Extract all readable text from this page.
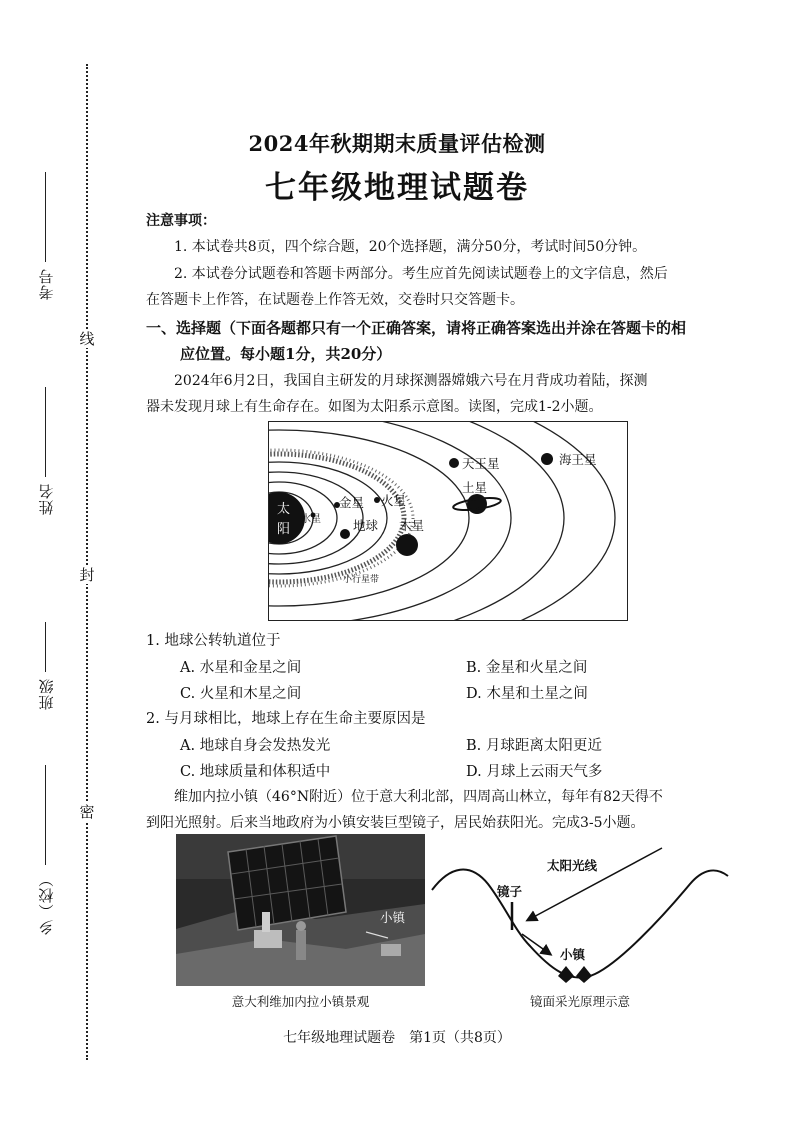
线
封
密
考号
姓名
班级
乡（校）
2024年秋期期末质量评估检测
七年级地理试题卷
注意事项：
1. 本试卷共8页，四个综合题，20个选择题，满分50分，考试时间50分钟。
2. 本试卷分试题卷和答题卡两部分。考生应首先阅读试题卷上的文字信息，然后
在答题卡上作答，在试题卷上作答无效，交卷时只交答题卡。
一、选择题（下面各题都只有一个正确答案，请将正确答案选出并涂在答题卡的相
应位置。每小题1分，共20分）
2024年6月2日，我国自主研发的月球探测器嫦娥六号在月背成功着陆，探测
器未发现月球上有生命存在。如图为太阳系示意图。读图，完成1-2小题。
太
阳
水星
金星 火星
地球 木星
土星
天王星	海王星
小行星带
1. 地球公转轨道位于
A. 水星和金星之间	B. 金星和火星之间
C. 火星和木星之间	D. 木星和土星之间
2. 与月球相比，地球上存在生命主要原因是
A. 地球自身会发热发光	B. 月球距离太阳更近
C. 地球质量和体积适中	D. 月球上云雨天气多
维加内拉小镇（46°N附近）位于意大利北部，四周高山林立，每年有82天得不
到阳光照射。后来当地政府为小镇安装巨型镜子，居民始获阳光。完成3-5小题。
小镇
意大利维加内拉小镇景观
太阳光线
镜子
小镇
镜面采光原理示意
七年级地理试题卷　第1页（共8页）
